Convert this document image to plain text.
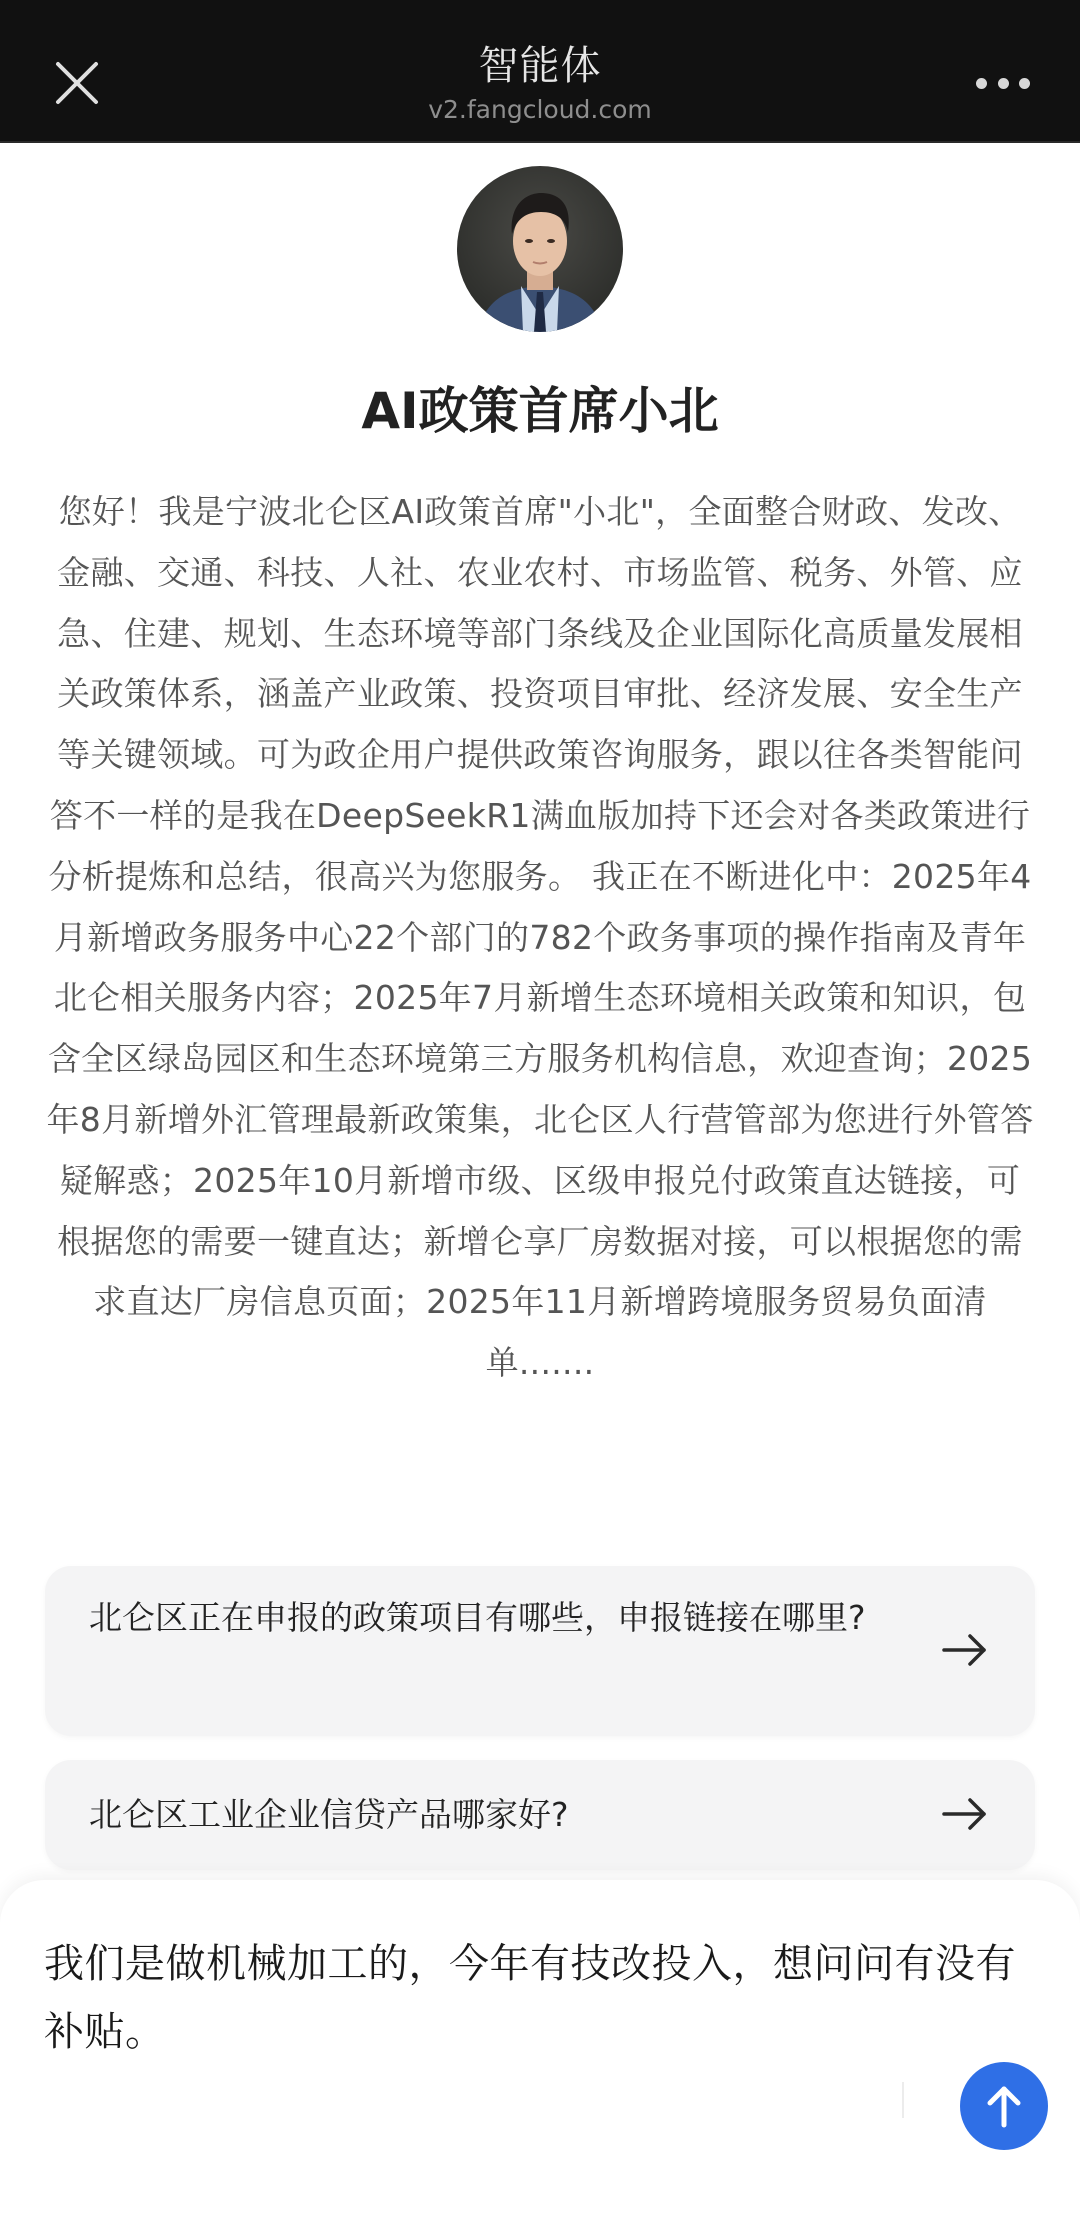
智能体
v2.fangcloud.com
AI政策首席小北
您好！我是宁波北仑区AI政策首席"小北"，全面整合财政、发改、金融、交通、科技、人社、农业农村、市场监管、税务、外管、应急、住建、规划、生态环境等部门条线及企业国际化高质量发展相关政策体系，涵盖产业政策、投资项目审批、经济发展、安全生产等关键领域。可为政企用户提供政策咨询服务，跟以往各类智能问答不一样的是我在DeepSeekR1满血版加持下还会对各类政策进行分析提炼和总结，很高兴为您服务。 我正在不断进化中：2025年4月新增政务服务中心22个部门的782个政务事项的操作指南及青年北仑相关服务内容；2025年7月新增生态环境相关政策和知识，包含全区绿岛园区和生态环境第三方服务机构信息，欢迎查询；2025年8月新增外汇管理最新政策集，北仑区人行营管部为您进行外管答疑解惑；2025年10月新增市级、区级申报兑付政策直达链接，可根据您的需要一键直达；新增仑享厂房数据对接，可以根据您的需求直达厂房信息页面；2025年11月新增跨境服务贸易负面清单.......
北仑区正在申报的政策项目有哪些，申报链接在哪里?
北仑区工业企业信贷产品哪家好?
我们是做机械加工的，今年有技改投入，想问问有没有补贴。
